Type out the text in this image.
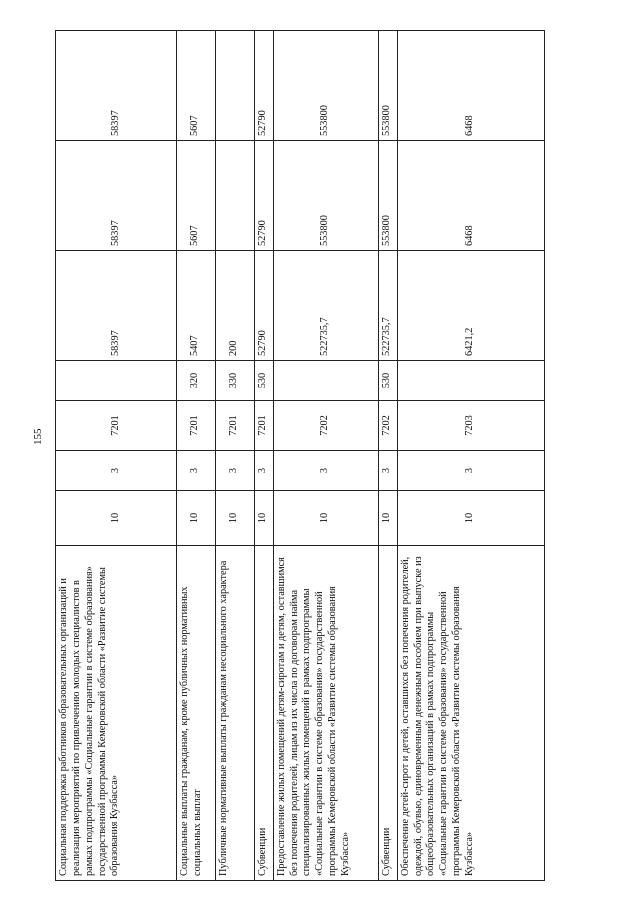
155
Социальная поддержка работников образовательных организаций и реализация мероприятий по привлечению молодых специалистов в рамках подпрограммы «Социальные гарантии в системе образования» государственной программы Кемеровской области «Развитие системы образования Кузбасса»	10	3	7201		58397	58397	58397
Социальные выплаты гражданам, кроме публичных нормативных социальных выплат	10	3	7201	320	5407	5607	5607
Публичные нормативные выплаты гражданам несоциального характера	10	3	7201	330	200		
Субвенции	10	3	7201	530	52790	52790	52790
Предоставление жилых помещений детям-сиротам и детям, оставшимся без попечения родителей, лицам из их числа по договорам найма специализированных жилых помещений в рамках подпрограммы «Социальные гарантии в системе образования» государственной программы Кемеровской области «Развитие системы образования Кузбасса»	10	3	7202		522735,7	553800	553800
Субвенции	10	3	7202	530	522735,7	553800	553800
Обеспечение детей-сирот и детей, оставшихся без попечения родителей, одеждой, обувью, единовременным денежным пособием при выпуске из общеобразовательных организаций в рамках подпрограммы «Социальные гарантии в системе образования» государственной программы Кемеровской области «Развитие системы образования Кузбасса»	10	3	7203		6421,2	6468	6468
